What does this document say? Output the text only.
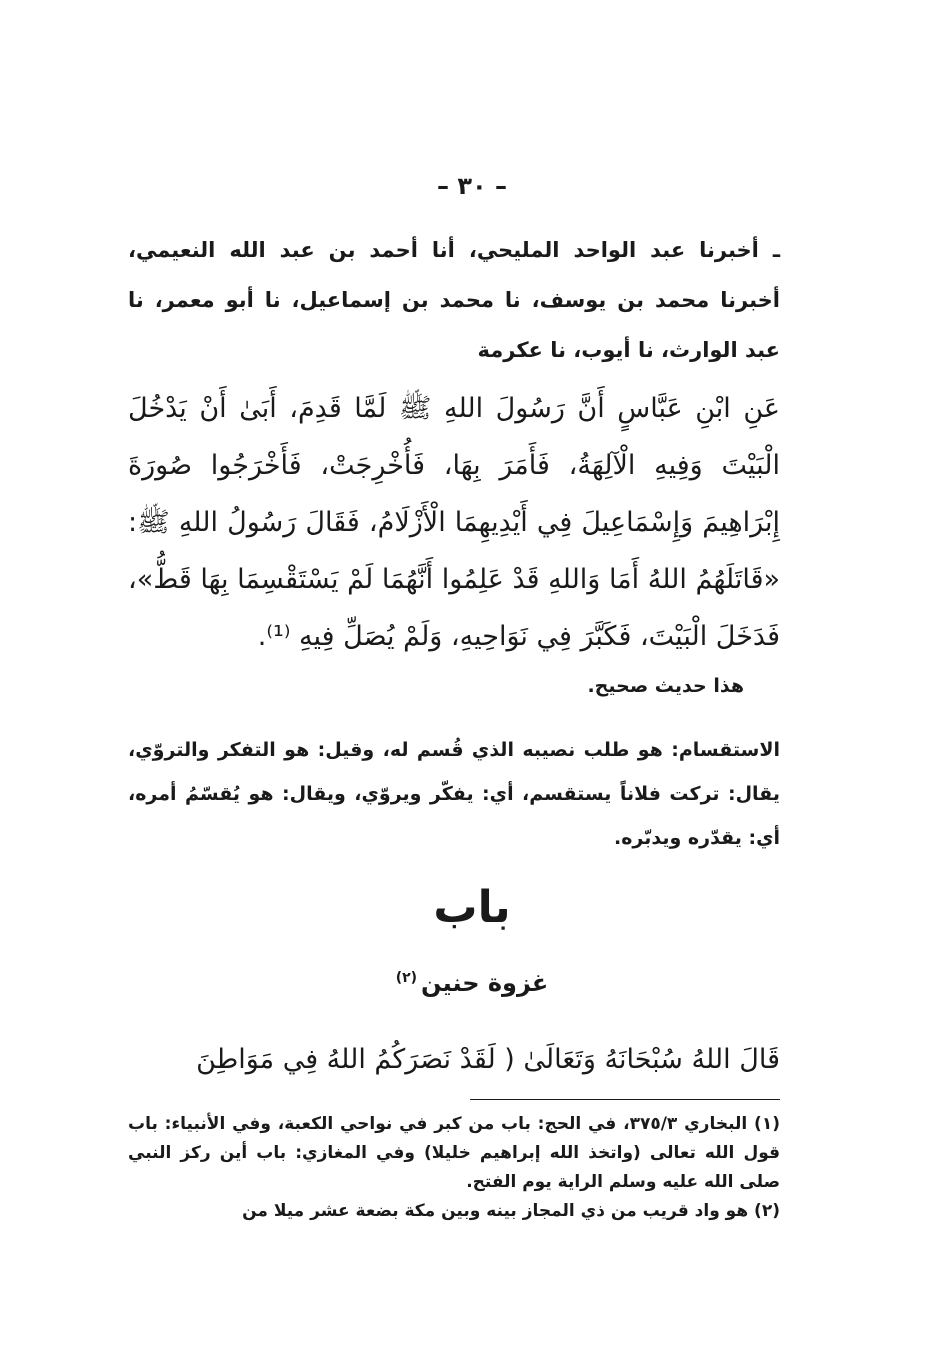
– ٣٠ –
ـ أخبرنا عبد الواحد المليحي، أنا أحمد بن عبد الله النعيمي، أخبرنا محمد بن يوسف، نا محمد بن إسماعيل، نا أبو معمر، نا عبد الوارث، نا أيوب، نا عكرمة
عَنِ ابْنِ عَبَّاسٍ أَنَّ رَسُولَ اللهِ ﷺ لَمَّا قَدِمَ، أَبَىٰ أَنْ يَدْخُلَ الْبَيْتَ وَفِيهِ الْآلِهَةُ، فَأَمَرَ بِهَا، فَأُخْرِجَتْ، فَأَخْرَجُوا صُورَةَ إِبْرَاهِيمَ وَإِسْمَاعِيلَ فِي أَيْدِيهِمَا الْأَزْلَامُ، فَقَالَ رَسُولُ اللهِ ﷺ: «قَاتَلَهُمُ اللهُ أَمَا وَاللهِ قَدْ عَلِمُوا أَنَّهُمَا لَمْ يَسْتَقْسِمَا بِهَا قَطُّ»، فَدَخَلَ الْبَيْتَ، فَكَبَّرَ فِي نَوَاحِيهِ، وَلَمْ يُصَلِّ فِيهِ ⁽¹⁾.
هذا حديث صحيح.
الاستقسام: هو طلب نصيبه الذي قُسم له، وقيل: هو التفكر والتروّي، يقال: تركت فلاناً يستقسم، أي: يفكّر ويروّي، ويقال: هو يُقسّمُ أمره، أي: يقدّره ويدبّره.
باب
غزوة حنين$^{(٢)}$
قَالَ اللهُ سُبْحَانَهُ وَتَعَالَىٰ ( لَقَدْ نَصَرَكُمُ اللهُ فِي مَوَاطِنَ

(١) البخاري ٣٧٥/٣، في الحج: باب من كبر في نواحي الكعبة، وفي الأنبياء: باب قول الله تعالى (واتخذ الله إبراهيم خليلا) وفي المغازي: باب أين ركز النبي صلى الله عليه وسلم الراية يوم الفتح.

(٢) هو واد قريب من ذي المجاز بينه وبين مكة بضعة عشر ميلا من
